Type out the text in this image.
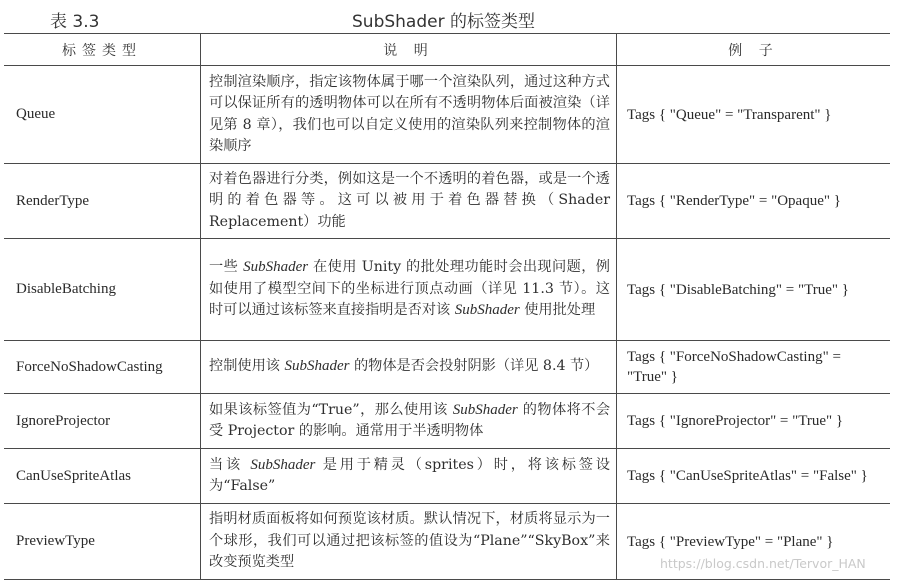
表 3.3	SubShader 的标签类型
标签类型	说 明	例 子
Queue	控制渲染顺序，指定该物体属于哪一个渲染队列，通过这种方式可以保证所有的透明物体可以在所有不透明物体后面被渲染（详见第 8 章），我们也可以自定义使用的渲染队列来控制物体的渲染顺序	Tags { "Queue" = "Transparent" }
RenderType	对着色器进行分类，例如这是一个不透明的着色器，或是一个透明的着色器等。这可以被用于着色器替换（Shader Replacement）功能	Tags { "RenderType" = "Opaque" }
DisableBatching	一些 SubShader 在使用 Unity 的批处理功能时会出现问题，例如使用了模型空间下的坐标进行顶点动画（详见 11.3 节）。这时可以通过该标签来直接指明是否对该 SubShader 使用批处理	Tags { "DisableBatching" = "True" }
ForceNoShadowCasting	控制使用该 SubShader 的物体是否会投射阴影（详见 8.4 节）	Tags { "ForceNoShadowCasting" = "True" }
IgnoreProjector	如果该标签值为“True”，那么使用该 SubShader 的物体将不会受 Projector 的影响。通常用于半透明物体	Tags { "IgnoreProjector" = "True" }
CanUseSpriteAtlas	当该 SubShader 是用于精灵（sprites）时，将该标签设为“False”	Tags { "CanUseSpriteAtlas" = "False" }
PreviewType	指明材质面板将如何预览该材质。默认情况下，材质将显示为一个球形，我们可以通过把该标签的值设为“Plane”“SkyBox”来改变预览类型	Tags { "PreviewType" = "Plane" }
https://blog.csdn.net/Tervor_HAN
